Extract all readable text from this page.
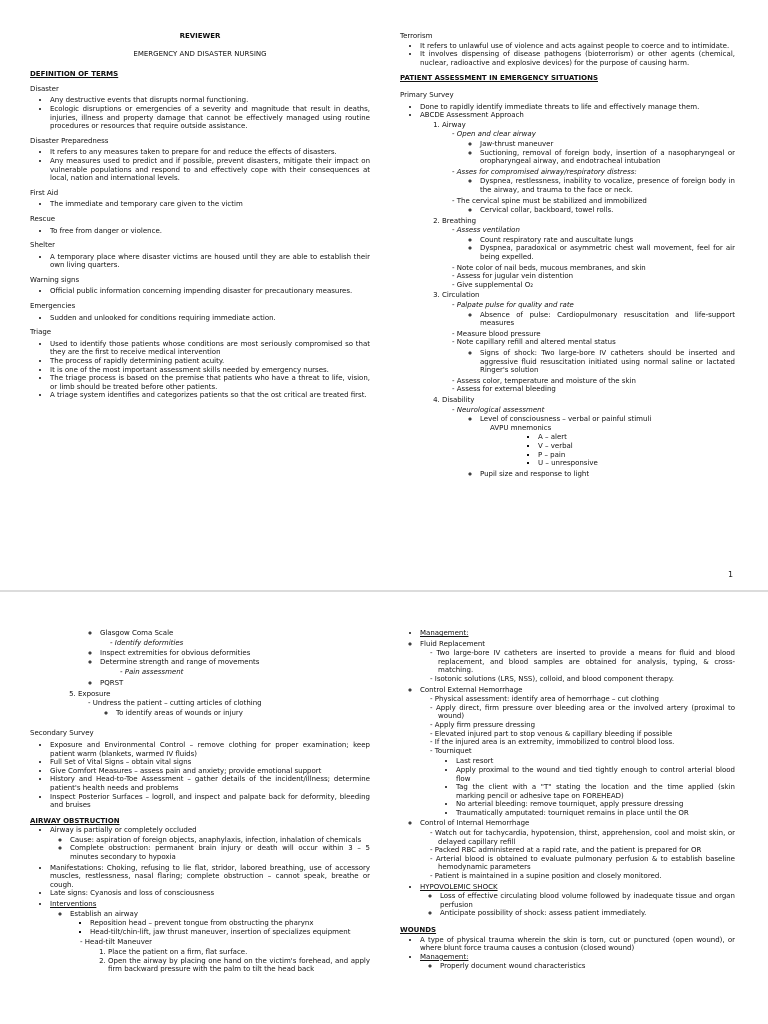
REVIEWER
EMERGENCY AND DISASTER NURSING
DEFINITION OF TERMS
Disaster
• Any destructive events that disrupts normal functioning.
• Ecologic disruptions or emergencies of a severity and magnitude that result in deaths, injuries, illness and property damage that cannot be effectively managed using routine procedures or resources that require outside assistance.
Disaster Preparedness
• It refers to any measures taken to prepare for and reduce the effects of disasters.
• Any measures used to predict and if possible, prevent disasters, mitigate their impact on vulnerable populations and respond to and effectively cope with their consequences at local, nation and international levels.
First Aid
• The immediate and temporary care given to the victim
Rescue
• To free from danger or violence.
Shelter
• A temporary place where disaster victims are housed until they are able to establish their own living quarters.
Warning signs
• Official public information concerning impending disaster for precautionary measures.
Emergencies
• Sudden and unlooked for conditions requiring immediate action.
Triage
• Used to identify those patients whose conditions are most seriously compromised so that they are the first to receive medical intervention
• The process of rapidly determining patient acuity.
• It is one of the most important assessment skills needed by emergency nurses.
• The triage process is based on the premise that patients who have a threat to life, vision, or limb should be treated before other patients.
• A triage system identifies and categorizes patients so that the ost critical are treated first.
Terrorism
• It refers to unlawful use of violence and acts against people to coerce and to intimidate.
• It involves dispensing of disease pathogens (bioterrorism) or other agents (chemical, nuclear, radioactive and explosive devices) for the purpose of causing harm.
PATIENT ASSESSMENT IN EMERGENCY SITUATIONS
Primary Survey
• Done to rapidly identify immediate threats to life and effectively manage them.
• ABCDE Assessment Approach
1. Airway
- Open and clear airway
◦ Jaw-thrust maneuver
◦ Suctioning, removal of foreign body, insertion of a nasopharyngeal or oropharyngeal airway, and endotracheal intubation
- Asses for compromised airway/respiratory distress:
◦ Dyspnea, restlessness, inability to vocalize, presence of foreign body in the airway, and trauma to the face or neck.
- The cervical spine must be stabilized and immobilized
◦ Cervical collar, backboard, towel rolls.
2. Breathing
- Assess ventilation
◦ Count respiratory rate and auscultate lungs
◦ Dyspnea, paradoxical or asymmetric chest wall movement, feel for air being expelled.
- Note color of nail beds, mucous membranes, and skin
- Assess for jugular vein distention
- Give supplemental O₂
3. Circulation
- Palpate pulse for quality and rate
◦ Absence of pulse: Cardiopulmonary resuscitation and life-support measures
- Measure blood pressure
- Note capillary refill and altered mental status
◦ Signs of shock: Two large-bore IV catheters should be inserted and aggressive fluid resuscitation initiated using normal saline or lactated Ringer's solution
- Assess color, temperature and moisture of the skin
- Assess for external bleeding
4. Disability
- Neurological assessment
◦ Level of consciousness – verbal or painful stimuli
AVPU mnemonics
▪ A – alert
▪ V – verbal
▪ P – pain
▪ U – unresponsive
◦ Pupil size and response to light
1
◦ Glasgow Coma Scale
- Identify deformities
◦ Inspect extremities for obvious deformities
◦ Determine strength and range of movements
- Pain assessment
◦ PQRST
5. Exposure
- Undress the patient – cutting articles of clothing
◦ To identify areas of wounds or injury
Secondary Survey
• Exposure and Environmental Control – remove clothing for proper examination; keep patient warm (blankets, warmed IV fluids)
• Full Set of Vital Signs – obtain vital signs
• Give Comfort Measures – assess pain and anxiety; provide emotional support
• History and Head-to-Toe Assessment – gather details of the incident/illness; determine patient's health needs and problems
• Inspect Posterior Surfaces – logroll, and inspect and palpate back for deformity, bleeding and bruises
AIRWAY OBSTRUCTION
• Airway is partially or completely occluded
◦ Cause: aspiration of foreign objects, anaphylaxis, infection, inhalation of chemicals
◦ Complete obstruction: permanent brain injury or death will occur within 3 – 5 minutes secondary to hypoxia
• Manifestations: Choking, refusing to lie flat, stridor, labored breathing, use of accessory muscles, restlessness, nasal flaring; complete obstruction – cannot speak, breathe or cough.
• Late signs: Cyanosis and loss of consciousness
• Interventions
◦ Establish an airway
▪ Reposition head – prevent tongue from obstructing the pharynx
▪ Head-tilt/chin-lift, jaw thrust maneuver, insertion of specializes equipment
- Head-tilt Maneuver
1. Place the patient on a firm, flat surface.
2. Open the airway by placing one hand on the victim's forehead, and apply firm backward pressure with the palm to tilt the head back
• Management:
◦ Fluid Replacement
- Two large-bore IV catheters are inserted to provide a means for fluid and blood replacement, and blood samples are obtained for analysis, typing, & cross-matching.
- Isotonic solutions (LRS, NSS), colloid, and blood component therapy.
◦ Control External Hemorrhage
- Physical assessment: identify area of hemorrhage – cut clothing
- Apply direct, firm pressure over bleeding area or the involved artery (proximal to wound)
- Apply firm pressure dressing
- Elevated injured part to stop venous & capillary bleeding if possible
- If the injured area is an extremity, immobilized to control blood loss.
- Tourniquet
• Last resort
• Apply proximal to the wound and tied tightly enough to control arterial blood flow
• Tag the client with a "T" stating the location and the time applied (skin marking pencil or adhesive tape on FOREHEAD)
• No arterial bleeding: remove tourniquet, apply pressure dressing
• Traumatically amputated: tourniquet remains in place until the OR
◦ Control of Internal Hemorrhage
- Watch out for tachycardia, hypotension, thirst, apprehension, cool and moist skin, or delayed capillary refill
- Packed RBC administered at a rapid rate, and the patient is prepared for OR
- Arterial blood is obtained to evaluate pulmonary perfusion & to establish baseline hemodynamic parameters
- Patient is maintained in a supine position and closely monitored.
• HYPOVOLEMIC SHOCK
◦ Loss of effective circulating blood volume followed by inadequate tissue and organ perfusion
◦ Anticipate possibility of shock: assess patient immediately.
WOUNDS
• A type of physical trauma wherein the skin is torn, cut or punctured (open wound), or where blunt force trauma causes a contusion (closed wound)
• Management:
◦ Properly document wound characteristics
